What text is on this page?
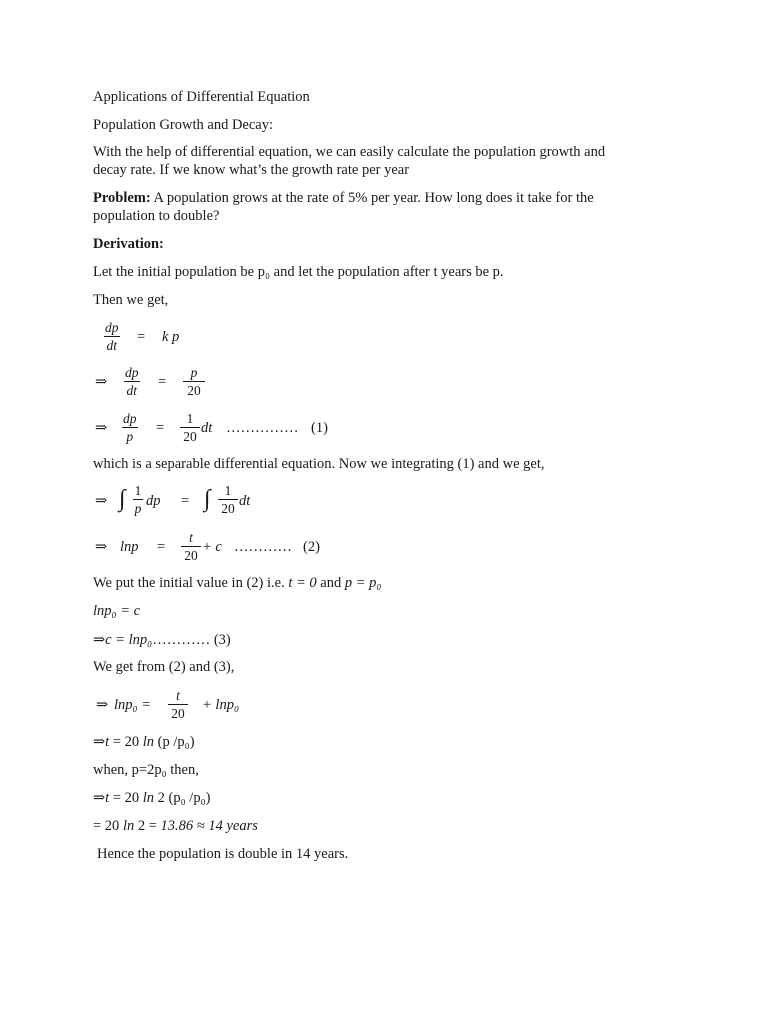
Applications of Differential Equation
Population Growth and Decay:
With the help of differential equation, we can easily calculate the population growth and
decay rate. If we know what’s the growth rate per year
Problem: A population grows at the rate of 5% per year. How long does it take for the
population to double?
Derivation:
Let the initial population be p₀ and let the population after t years be p.
Then we get,
$\frac{dp}{dt} = k$ p
⇒ $\frac{dp}{dt} = \frac{p}{20}$
⇒ $\frac{dp}{p} = \frac{1}{20}$ dt …………… (1)
which is a separable differential equation. Now we integrating (1) and we get,
⇒ ∫ $\frac{1}{p}$ dp = ∫ $\frac{1}{20}$ dt
⇒ $\ln p = \frac{t}{20} + c$ ………… (2)
We put the initial value in (2) i.e. t = 0 and p = p₀
lnp₀ = c
⇒c = lnp₀………… (3)
We get from (2) and (3),
⇒ $\ln p_0 = \frac{t}{20} + \ln p_0$
⇒t = 20 ln (p /p₀)
when, p=2p₀ then,
⇒t = 20 ln 2 (p₀ /p₀)
= 20 ln 2 = 13.86 ≈ 14 years
Hence the population is double in 14 years.
